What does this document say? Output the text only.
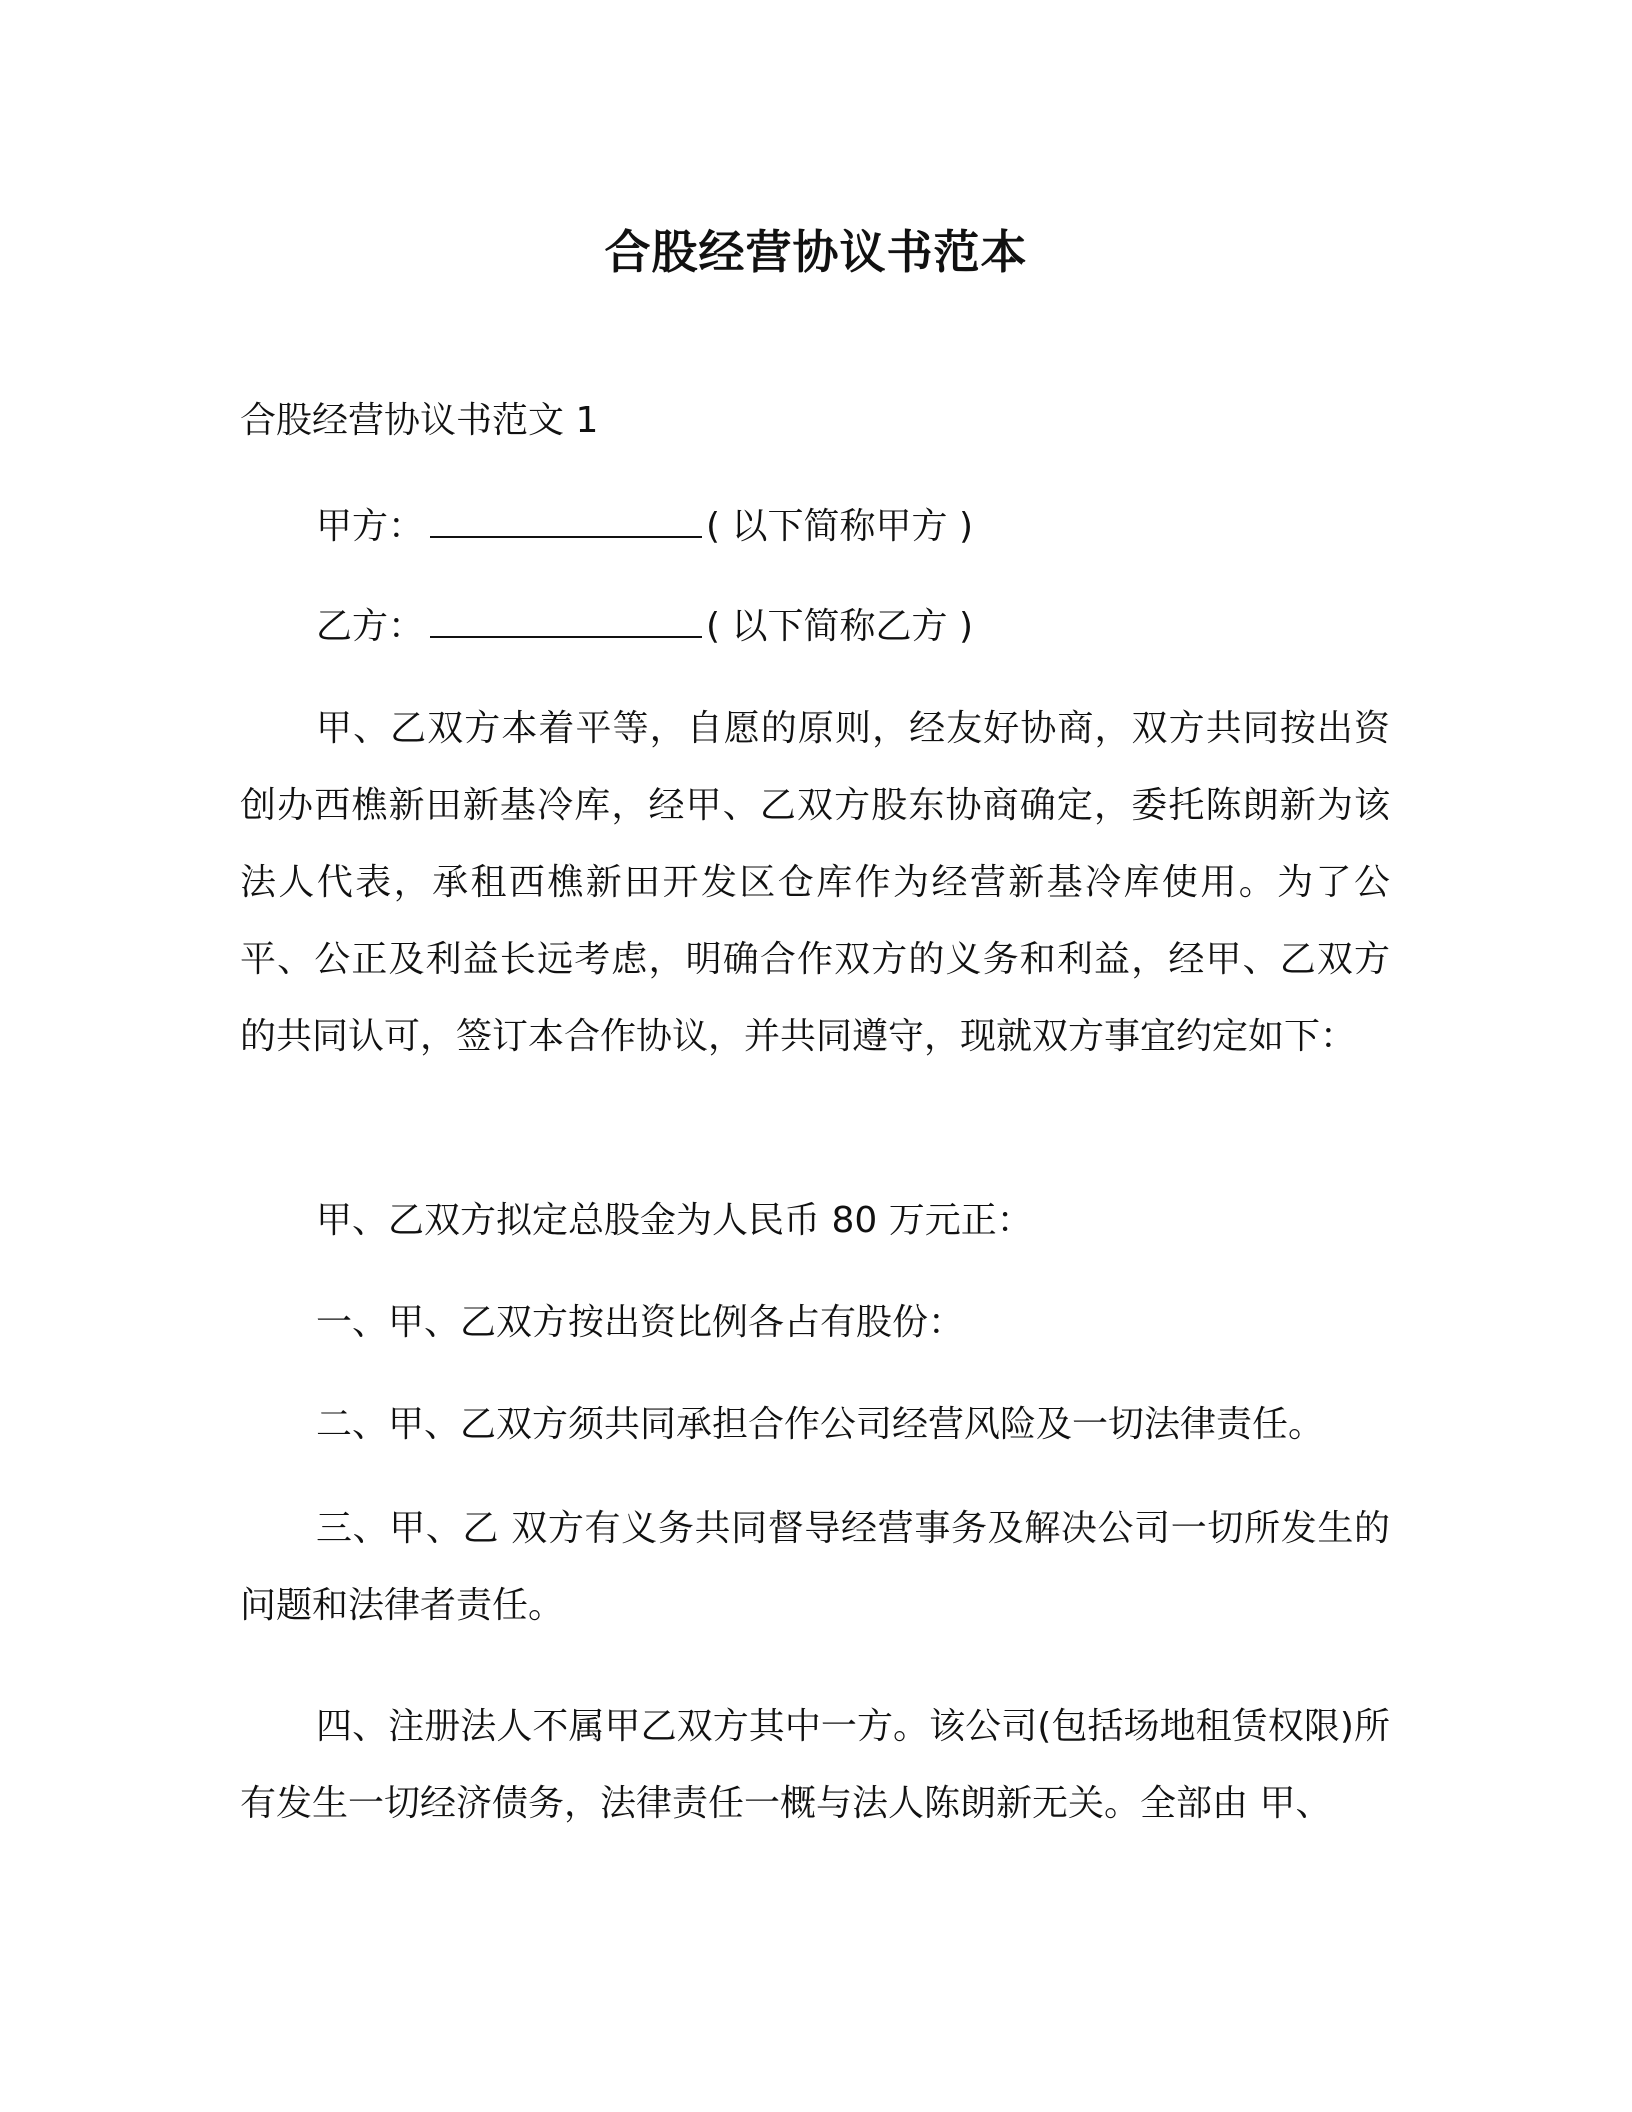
合股经营协议书范本
合股经营协议书范文 1
甲方：	( 以下简称甲方 )
乙方：	( 以下简称乙方 )
甲、乙双方本着平等，自愿的原则，经友好协商，双方共同按出资创办西樵新田新基冷库，经甲、乙双方股东协商确定，委托陈朗新为该法人代表，承租西樵新田开发区仓库作为经营新基冷库使用。为了公平、公正及利益长远考虑，明确合作双方的义务和利益，经甲、乙双方的共同认可，签订本合作协议，并共同遵守，现就双方事宜约定如下：
甲、乙双方拟定总股金为人民币 80 万元正：
一、甲、乙双方按出资比例各占有股份：
二、甲、乙双方须共同承担合作公司经营风险及一切法律责任。
三、甲、乙 双方有义务共同督导经营事务及解决公司一切所发生的问题和法律者责任。
四、注册法人不属甲乙双方其中一方。该公司(包括场地租赁权限)所有发生一切经济债务，法律责任一概与法人陈朗新无关。全部由 甲、
